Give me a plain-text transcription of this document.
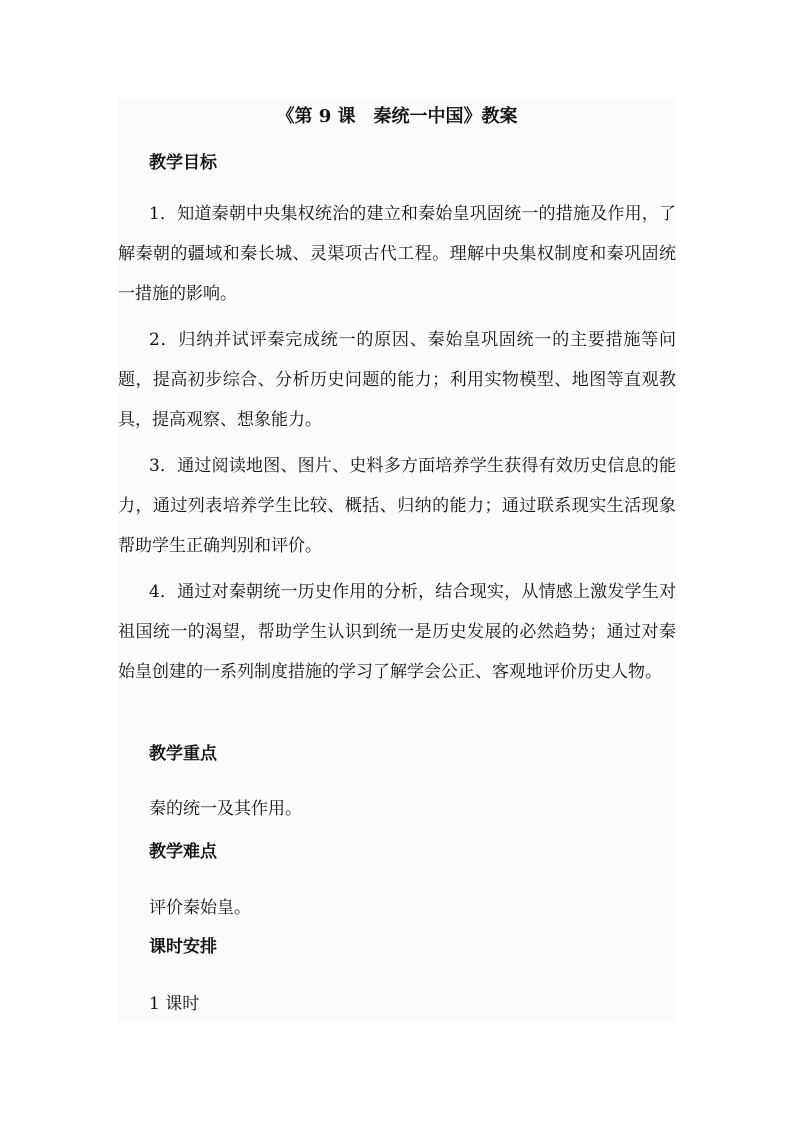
《第 9 课　秦统一中国》教案
教学目标

1．知道秦朝中央集权统治的建立和秦始皇巩固统一的措施及作用，了解秦朝的疆域和秦长城、灵渠项古代工程。理解中央集权制度和秦巩固统一措施的影响。

2．归纳并试评秦完成统一的原因、秦始皇巩固统一的主要措施等问题，提高初步综合、分析历史问题的能力；利用实物模型、地图等直观教具，提高观察、想象能力。

3．通过阅读地图、图片、史料多方面培养学生获得有效历史信息的能力，通过列表培养学生比较、概括、归纳的能力；通过联系现实生活现象帮助学生正确判别和评价。

4．通过对秦朝统一历史作用的分析，结合现实，从情感上激发学生对祖国统一的渴望，帮助学生认识到统一是历史发展的必然趋势；通过对秦始皇创建的一系列制度措施的学习了解学会公正、客观地评价历史人物。

教学重点
秦的统一及其作用。
教学难点
评价秦始皇。
课时安排
1 课时
